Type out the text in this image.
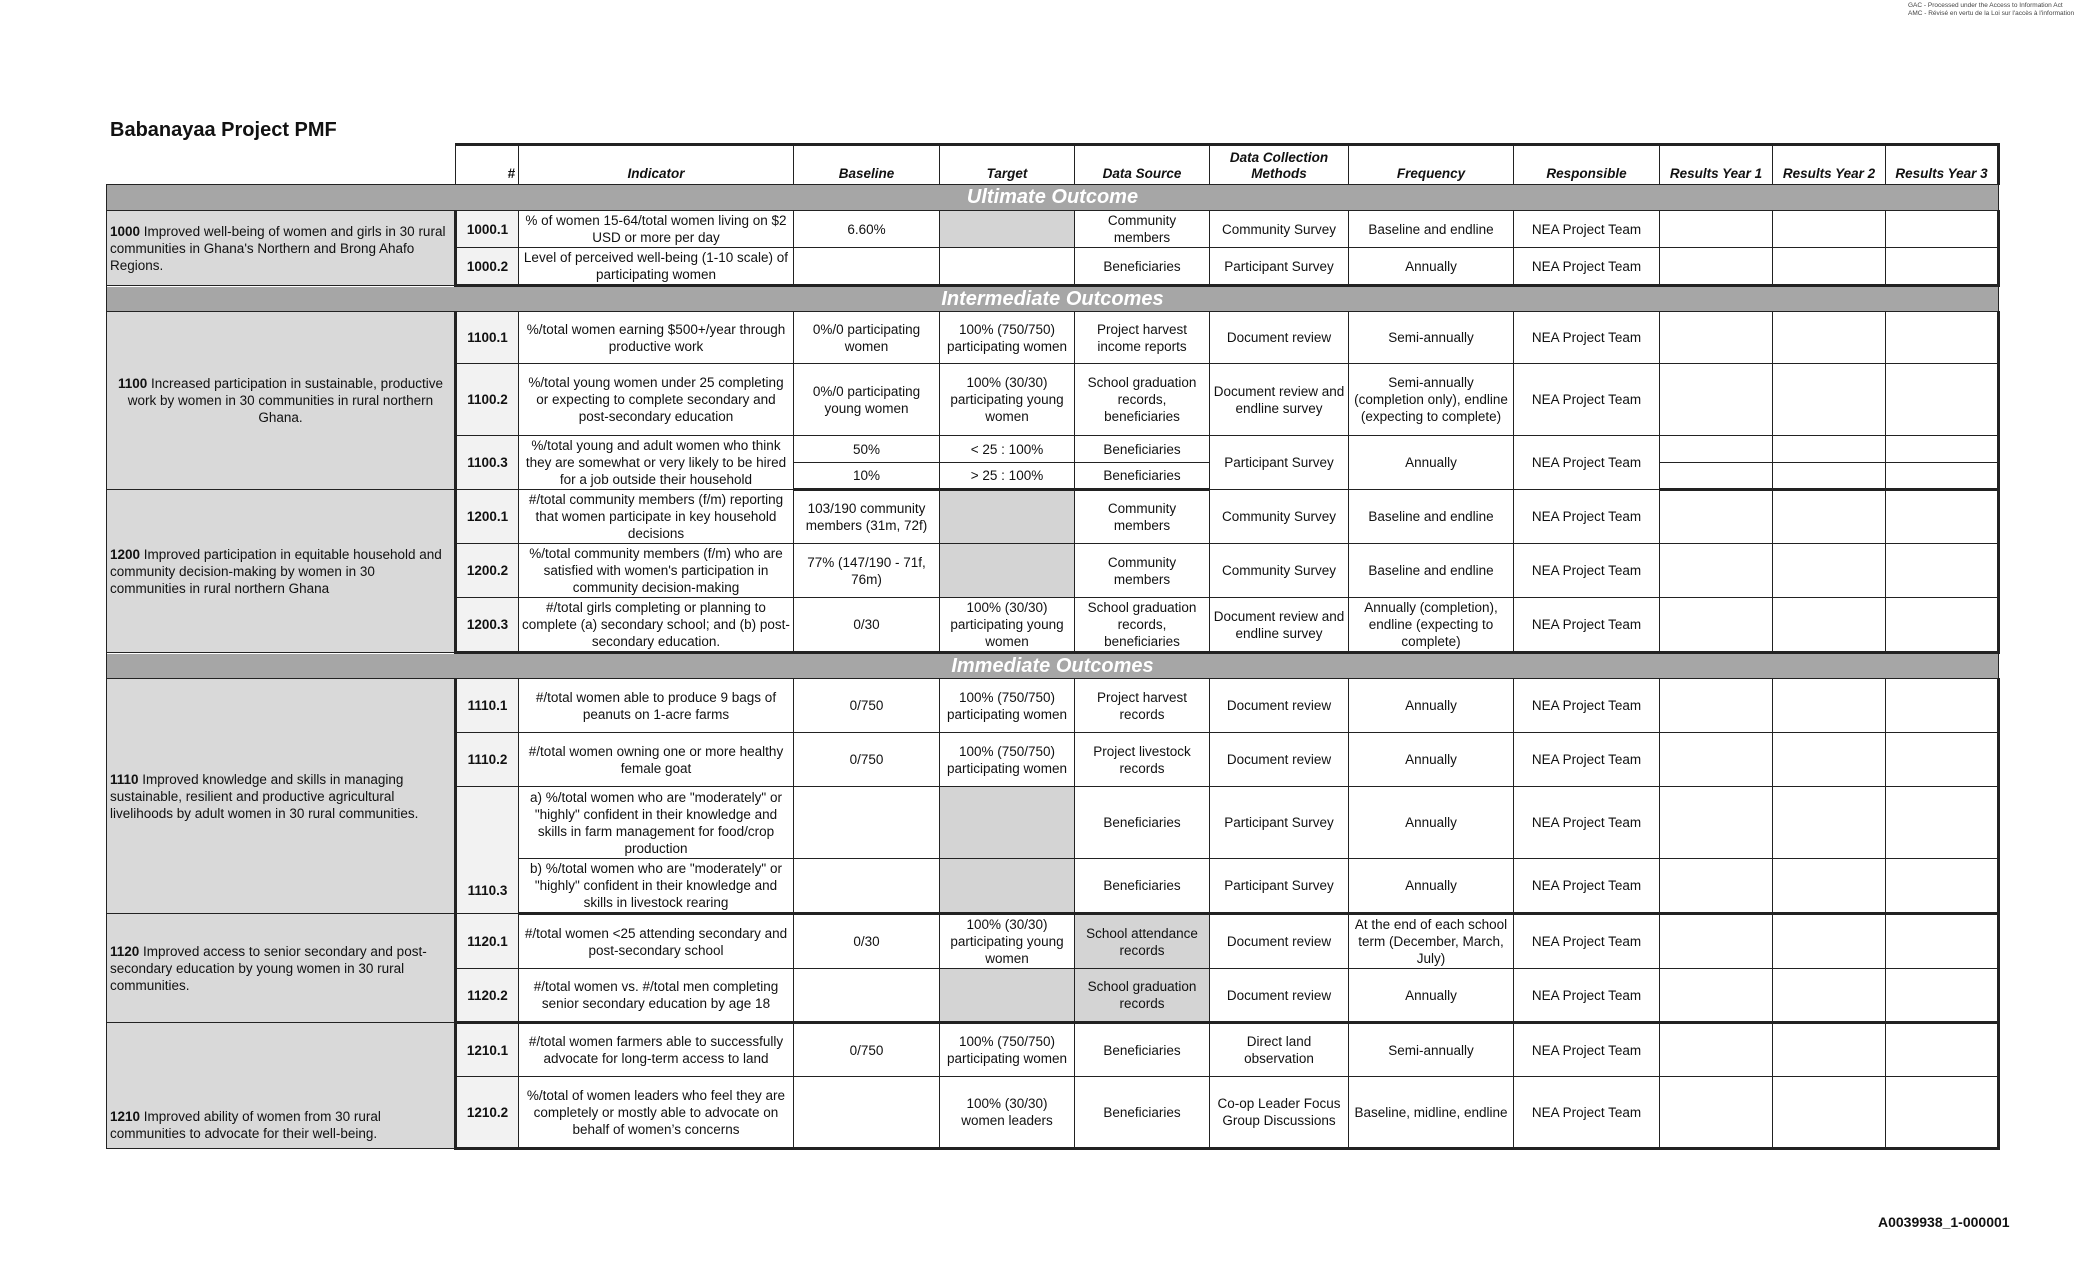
GAC - Processed under the Access to Information Act
AMC - Révisé en vertu de la Loi sur l'accès à l'information
Babanayaa Project PMF
	#	Indicator	Baseline	Target	Data Source	Data Collection Methods	Frequency	Responsible	Results Year 1	Results Year 2	Results Year 3
Ultimate Outcome											
1000 Improved well-being of women and girls in 30 rural communities in Ghana's Northern and Brong Ahafo Regions.	1000.1	% of women 15-64/total women living on $2 USD or more per day	6.60%		Community members	Community Survey	Baseline and endline	NEA Project Team			
	1000.2	Level of perceived well-being (1-10 scale) of participating women			Beneficiaries	Participant Survey	Annually	NEA Project Team			
Intermediate Outcomes											
1100 Increased participation in sustainable, productive work by women in 30 communities in rural northern Ghana.	1100.1	%/total women earning $500+/year through productive work	0%/0 participating women	100% (750/750) participating women	Project harvest income reports	Document review	Semi-annually	NEA Project Team			
	1100.2	%/total young women under 25 completing or expecting to complete secondary and post-secondary education	0%/0 participating young women	100% (30/30) participating young women	School graduation records, beneficiaries	Document review and endline survey	Semi-annually (completion only), endline (expecting to complete)	NEA Project Team			
	1100.3	%/total young and adult women who think they are somewhat or very likely to be hired for a job outside their household	50%	< 25 : 100%	Beneficiaries	Participant Survey	Annually	NEA Project Team			
			10%	> 25 : 100%	Beneficiaries						
1200 Improved participation in equitable household and community decision-making by women in 30 communities in rural northern Ghana	1200.1	#/total community members (f/m) reporting that women participate in key household decisions	103/190 community members (31m, 72f)		Community members	Community Survey	Baseline and endline	NEA Project Team			
	1200.2	%/total community members (f/m) who are satisfied with women's participation in community decision-making	77% (147/190 - 71f, 76m)		Community members	Community Survey	Baseline and endline	NEA Project Team			
	1200.3	#/total girls completing or planning to complete (a) secondary school; and (b) post-secondary education.	0/30	100% (30/30) participating young women	School graduation records, beneficiaries	Document review and endline survey	Annually (completion), endline (expecting to complete)	NEA Project Team			
Immediate Outcomes											
1110 Improved knowledge and skills in managing sustainable, resilient and productive agricultural livelihoods by adult women in 30 rural communities.	1110.1	#/total women able to produce 9 bags of peanuts on 1-acre farms	0/750	100% (750/750) participating women	Project harvest records	Document review	Annually	NEA Project Team			
	1110.2	#/total women owning one or more healthy female goat	0/750	100% (750/750) participating women	Project livestock records	Document review	Annually	NEA Project Team			
	1110.3	a) %/total women who are "moderately" or "highly" confident in their knowledge and skills in farm management for food/crop production			Beneficiaries	Participant Survey	Annually	NEA Project Team			
		b) %/total women who are "moderately" or "highly" confident in their knowledge and skills in livestock rearing			Beneficiaries	Participant Survey	Annually	NEA Project Team			
1120 Improved access to senior secondary and post-secondary education by young women in 30 rural communities.	1120.1	#/total women <25 attending secondary and post-secondary school	0/30	100% (30/30) participating young women	School attendance records	Document review	At the end of each school term (December, March, July)	NEA Project Team			
	1120.2	#/total women vs. #/total men completing senior secondary education by age 18			School graduation records	Document review	Annually	NEA Project Team			
1210 Improved ability of women from 30 rural communities to advocate for their well-being.	1210.1	#/total women farmers able to successfully advocate for long-term access to land	0/750	100% (750/750) participating women	Beneficiaries	Direct land observation	Semi-annually	NEA Project Team			
	1210.2	%/total of women leaders who feel they are completely or mostly able to advocate on behalf of women’s concerns		100% (30/30) women leaders	Beneficiaries	Co-op Leader Focus Group Discussions	Baseline, midline, endline	NEA Project Team			
A0039938_1-000001
